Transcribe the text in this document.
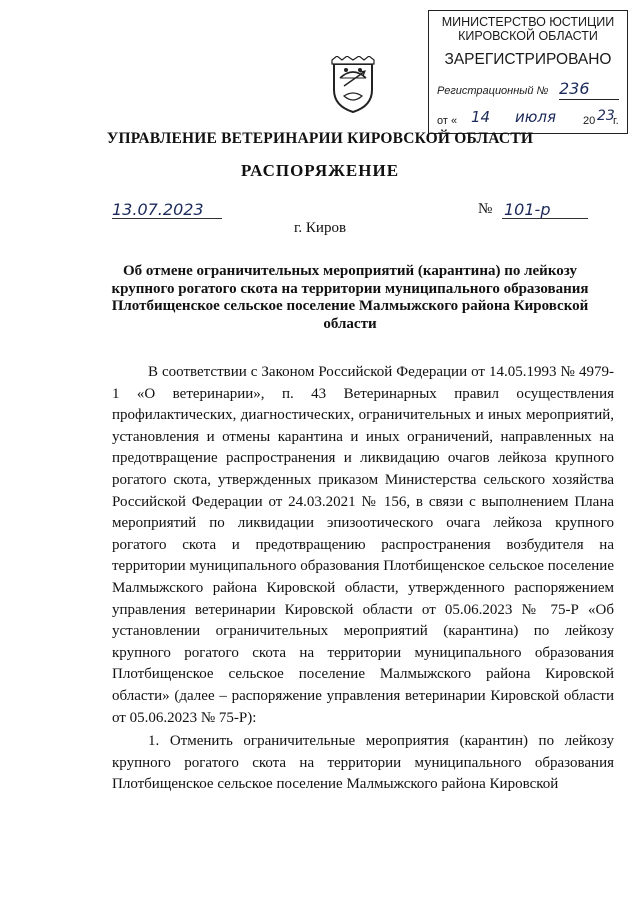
МИНИСТЕРСТВО ЮСТИЦИИ
КИРОВСКОЙ ОБЛАСТИ
ЗАРЕГИСТРИРОВАНО
Регистрационный № 236
от « 14 июля 20 23
г.
УПРАВЛЕНИЕ ВЕТЕРИНАРИИ КИРОВСКОЙ ОБЛАСТИ
РАСПОРЯЖЕНИЕ
13.07.2023	№ 101-р
г. Киров
Об отмене ограничительных мероприятий (карантина) по лейкозу крупного рогатого скота на территории муниципального образования Плотбищенское сельское поселение Малмыжского района Кировской области

В соответствии с Законом Российской Федерации от 14.05.1993 № 4979-1 «О ветеринарии», п. 43 Ветеринарных правил осуществления профилактических, диагностических, ограничительных и иных мероприятий, установления и отмены карантина и иных ограничений, направленных на предотвращение распространения и ликвидацию очагов лейкоза крупного рогатого скота, утвержденных приказом Министерства сельского хозяйства Российской Федерации от 24.03.2021 № 156, в связи с выполнением Плана мероприятий по ликвидации эпизоотического очага лейкоза крупного рогатого скота и предотвращению распространения возбудителя на территории муниципального образования Плотбищенское сельское поселение Малмыжского района Кировской области, утвержденного распоряжением управления ветеринарии Кировской области от 05.06.2023 № 75-Р «Об установлении ограничительных мероприятий (карантина) по лейкозу крупного рогатого скота на территории муниципального образования Плотбищенское сельское поселение Малмыжского района Кировской области» (далее – распоряжение управления ветеринарии Кировской области от 05.06.2023 № 75-Р):

1. Отменить ограничительные мероприятия (карантин) по лейкозу крупного рогатого скота на территории муниципального образования Плотбищенское сельское поселение Малмыжского района Кировской
